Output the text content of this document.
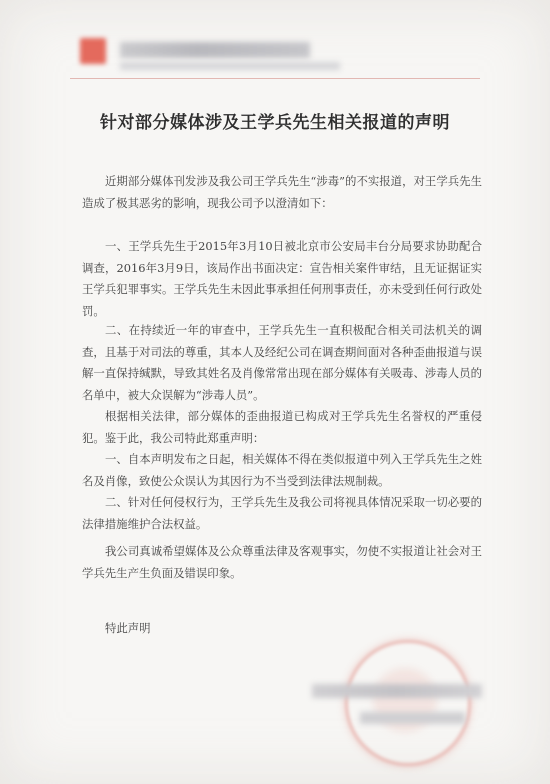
针对部分媒体涉及王学兵先生相关报道的声明

近期部分媒体刊发涉及我公司王学兵先生“涉毒”的不实报道，对王学兵先生造成了极其恶劣的影响，现我公司予以澄清如下：

一、王学兵先生于2015年3月10日被北京市公安局丰台分局要求协助配合调查，2016年3月9日，该局作出书面决定：宣告相关案件审结，且无证据证实王学兵犯罪事实。王学兵先生未因此事承担任何刑事责任，亦未受到任何行政处罚。

二、在持续近一年的审查中，王学兵先生一直积极配合相关司法机关的调查，且基于对司法的尊重，其本人及经纪公司在调查期间面对各种歪曲报道与误解一直保持缄默，导致其姓名及肖像常常出现在部分媒体有关吸毒、涉毒人员的名单中，被大众误解为“涉毒人员”。

根据相关法律，部分媒体的歪曲报道已构成对王学兵先生名誉权的严重侵犯。鉴于此，我公司特此郑重声明：

一、自本声明发布之日起，相关媒体不得在类似报道中列入王学兵先生之姓名及肖像，致使公众误认为其因行为不当受到法律法规制裁。

二、针对任何侵权行为，王学兵先生及我公司将视具体情况采取一切必要的法律措施维护合法权益。

我公司真诚希望媒体及公众尊重法律及客观事实，勿使不实报道让社会对王学兵先生产生负面及错误印象。

特此声明
